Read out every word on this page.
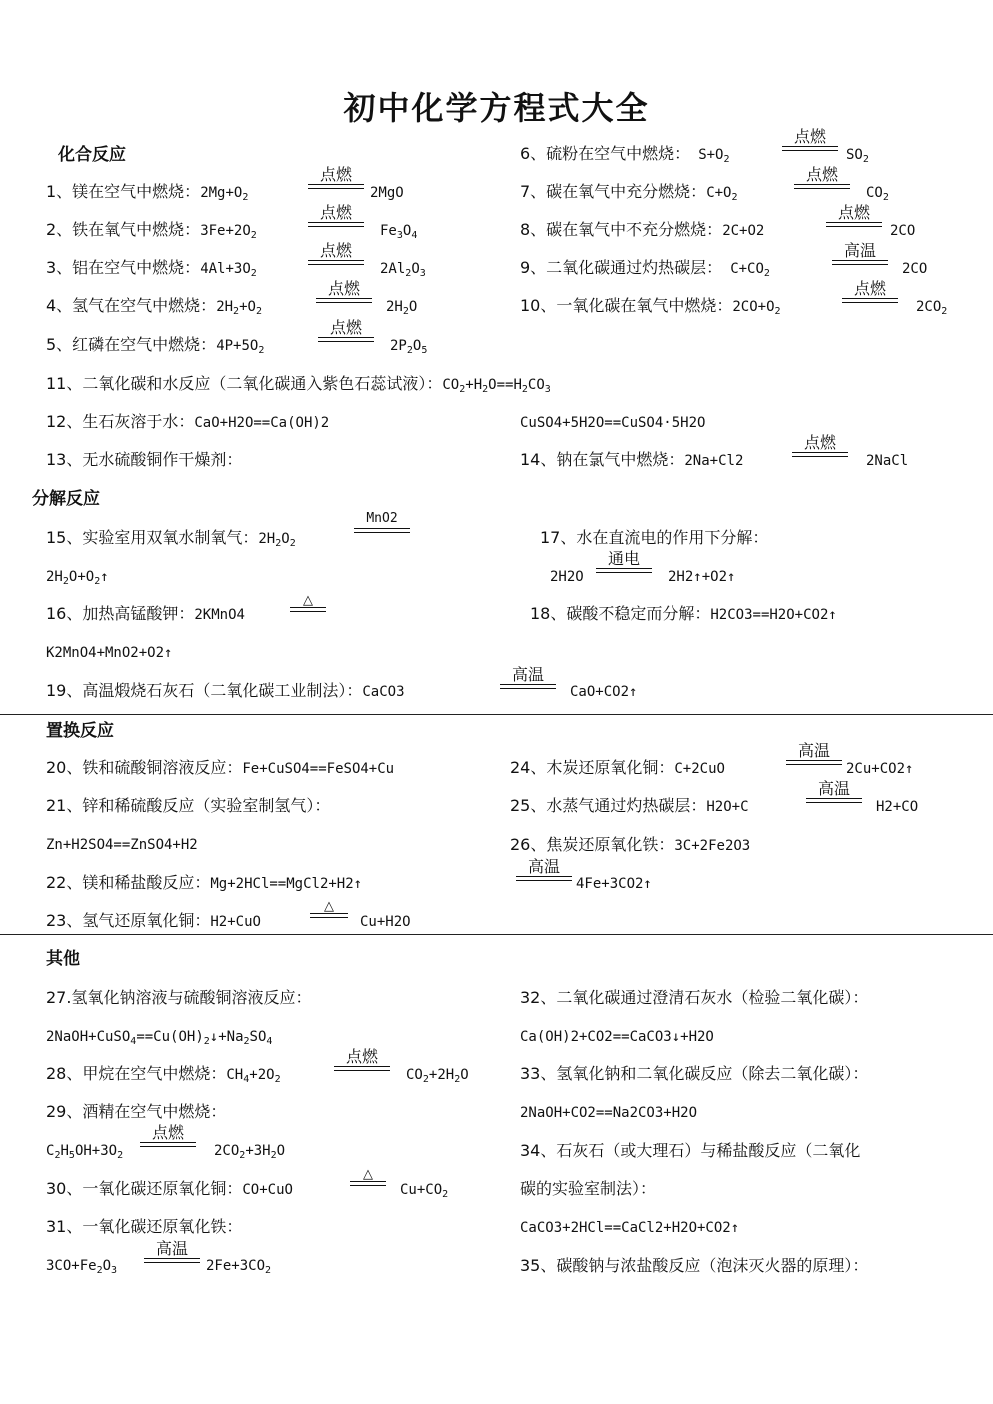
初中化学方程式大全
化合反应
1、镁在空气中燃烧：$2Mg+O_2$
点燃
2MgO
2、铁在氧气中燃烧：$3Fe+2O_2$
点燃
$Fe_3O_4$
3、铝在空气中燃烧：$4Al+3O_2$
点燃
$2Al_2O_3$
4、氢气在空气中燃烧：$2H_2+O_2$
点燃
$2H_2O$
5、红磷在空气中燃烧：$4P+5O_2$
点燃
$2P_2O_5$
6、硫粉在空气中燃烧： $S+O_2$
点燃
$SO_2$
7、碳在氧气中充分燃烧：$C+O_2$
点燃
$CO_2$
8、碳在氧气中不充分燃烧：2C+O2
点燃
2CO
9、二氧化碳通过灼热碳层： $C+CO_2$
高温
2CO
10、一氧化碳在氧气中燃烧：$2CO+O_2$
点燃
$2CO_2$
11、二氧化碳和水反应（二氧化碳通入紫色石蕊试液）：$CO_2+H_2O==H_2CO_3$
12、生石灰溶于水：CaO+H2O==Ca(OH)2	CuSO4+5H2O==CuSO4·5H2O
13、无水硫酸铜作干燥剂：	14、钠在氯气中燃烧：2Na+Cl2
点燃
2NaCl
分解反应
15、实验室用双氧水制氧气：$2H_2O_2$
MnO2
$2H_2O+O_2↑$
16、加热高锰酸钾：2KMnO4
△
K2MnO4+MnO2+O2↑
17、水在直流电的作用下分解：
2H2O
通电
2H2↑+O2↑
18、碳酸不稳定而分解：H2CO3==H2O+CO2↑
19、高温煅烧石灰石（二氧化碳工业制法）：CaCO3
高温
CaO+CO2↑
置换反应
20、铁和硫酸铜溶液反应：Fe+CuSO4==FeSO4+Cu
21、锌和稀硫酸反应（实验室制氢气）：
Zn+H2SO4==ZnSO4+H2
22、镁和稀盐酸反应：Mg+2HCl==MgCl2+H2↑
23、氢气还原氧化铜：H2+CuO
△
Cu+H2O
24、木炭还原氧化铜：C+2CuO
高温
2Cu+CO2↑
25、水蒸气通过灼热碳层：H2O+C
高温
H2+CO
26、焦炭还原氧化铁：3C+2Fe2O3
高温
4Fe+3CO2↑
其他
27.氢氧化钠溶液与硫酸铜溶液反应：
$2NaOH+CuSO_4==Cu(OH)_2↓+Na_2SO_4$
28、甲烷在空气中燃烧：$CH_4+2O_2$
点燃
$CO_2+2H_2O$
29、酒精在空气中燃烧：
$C_2H_5OH+3O_2$
点燃
$2CO_2+3H_2O$
30、一氧化碳还原氧化铜：CO+CuO
△
$Cu+CO_2$
31、一氧化碳还原氧化铁：
$3CO+Fe_2O_3$
高温
$2Fe+3CO_2$
32、二氧化碳通过澄清石灰水（检验二氧化碳）：
Ca(OH)2+CO2==CaCO3↓+H2O
33、氢氧化钠和二氧化碳反应（除去二氧化碳）：
2NaOH+CO2==Na2CO3+H2O
34、石灰石（或大理石）与稀盐酸反应（二氧化
碳的实验室制法）：
CaCO3+2HCl==CaCl2+H2O+CO2↑
35、碳酸钠与浓盐酸反应（泡沫灭火器的原理）：
